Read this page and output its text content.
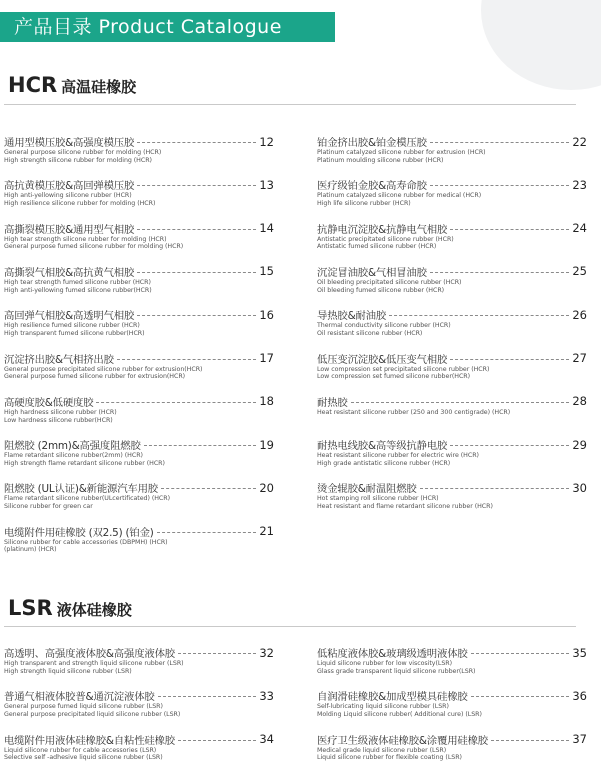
产品目录 Product Catalogue
HCR 高温硅橡胶
通用型模压胶&高强度模压胶	12
General purpose silicone rubber for molding (HCR)
High strength silicone rubber for molding (HCR)
高抗黄模压胶&高回弹模压胶	13
High anti-yellowing silicone rubber (HCR)
High resilience silicone rubber for molding (HCR)
高撕裂模压胶&通用型气相胶	14
High tear strength silicone rubber for molding (HCR)
General purpose fumed silicone rubber for molding (HCR)
高撕裂气相胶&高抗黄气相胶	15
High tear strength fumed silicone rubber (HCR)
High anti-yellowing fumed silicone rubber(HCR)
高回弹气相胶&高透明气相胶	16
High resilience fumed silicone rubber (HCR)
High transparent fumed silicone rubber(HCR)
沉淀挤出胶&气相挤出胶	17
General purpose precipitated silicone rubber for extrusion(HCR)
General purpose fumed silicone rubber for extrusion(HCR)
高硬度胶&低硬度胶	18
High hardness silicone rubber (HCR)
Low hardness silicone rubber(HCR)
阻燃胶 (2mm)&高强度阻燃胶	19
Flame retardant silicone rubber(2mm) (HCR)
High strength flame retardant silicone rubber (HCR)
阻燃胶 (UL认证)&新能源汽车用胶	20
Flame retardant silicone rubber(ULcertificated) (HCR)
Silicone rubber for green car
电缆附件用硅橡胶 (双2.5) (铂金)	21
Silicone rubber for cable accessories (DBPMH) (HCR)
(platinum) (HCR)
铂金挤出胶&铂金模压胶	22
Platinum catalyzed silicone rubber for extrusion (HCR)
Platinum moulding silicone rubber (HCR)
医疗级铂金胶&高寿命胶	23
Platinum catalyzed silicone rubber for medical (HCR)
High life silicone rubber (HCR)
抗静电沉淀胶&抗静电气相胶	24
Antistatic precipitated silicone rubber (HCR)
Antistatic fumed silicone rubber (HCR)
沉淀冒油胶&气相冒油胶	25
Oil bleeding precipitated silicone rubber (HCR)
Oil bleeding fumed silicone rubber (HCR)
导热胶&耐油胶	26
Thermal conductivity silicone rubber (HCR)
Oil resistant silicone rubber (HCR)
低压变沉淀胶&低压变气相胶	27
Low compression set precipitated silicone rubber (HCR)
Low compression set fumed silicone rubber(HCR)
耐热胶	28
Heat resistant silicone rubber (250 and 300 centigrade) (HCR)
耐热电线胶&高等级抗静电胶	29
Heat resistant silicone rubber for electric wire (HCR)
High grade antistatic silicone rubber (HCR)
烫金辊胶&耐温阻燃胶	30
Hot stamping roll silicone rubber (HCR)
Heat resistant and flame retardant silicone rubber (HCR)
LSR 液体硅橡胶
高透明、高强度液体胶&高强度液体胶	32
High transparent and strength liquid silicone rubber (LSR)
High strength liquid silicone rubber (LSR)
普通气相液体胶普&通沉淀液体胶	33
General purpose fumed liquid silicone rubber (LSR)
General purpose precipitated liquid silicone rubber (LSR)
电缆附件用液体硅橡胶&自粘性硅橡胶	34
Liquid silicone rubber for cable accessories (LSR)
Selective self -adhesive liquid silicone rubber (LSR)
低粘度液体胶&玻璃级透明液体胶	35
Liquid silicone rubber for low viscosity(LSR)
Glass grade transparent liquid silicone rubber(LSR)
自润滑硅橡胶&加成型模具硅橡胶	36
Self-lubricating liquid silicone rubber (LSR)
Molding Liquid silicone rubber( Additional cure) (LSR)
医疗卫生级液体硅橡胶&涂覆用硅橡胶	37
Medical grade liquid silicone rubber (LSR)
Liquid silicone rubber for flexible coating (LSR)
